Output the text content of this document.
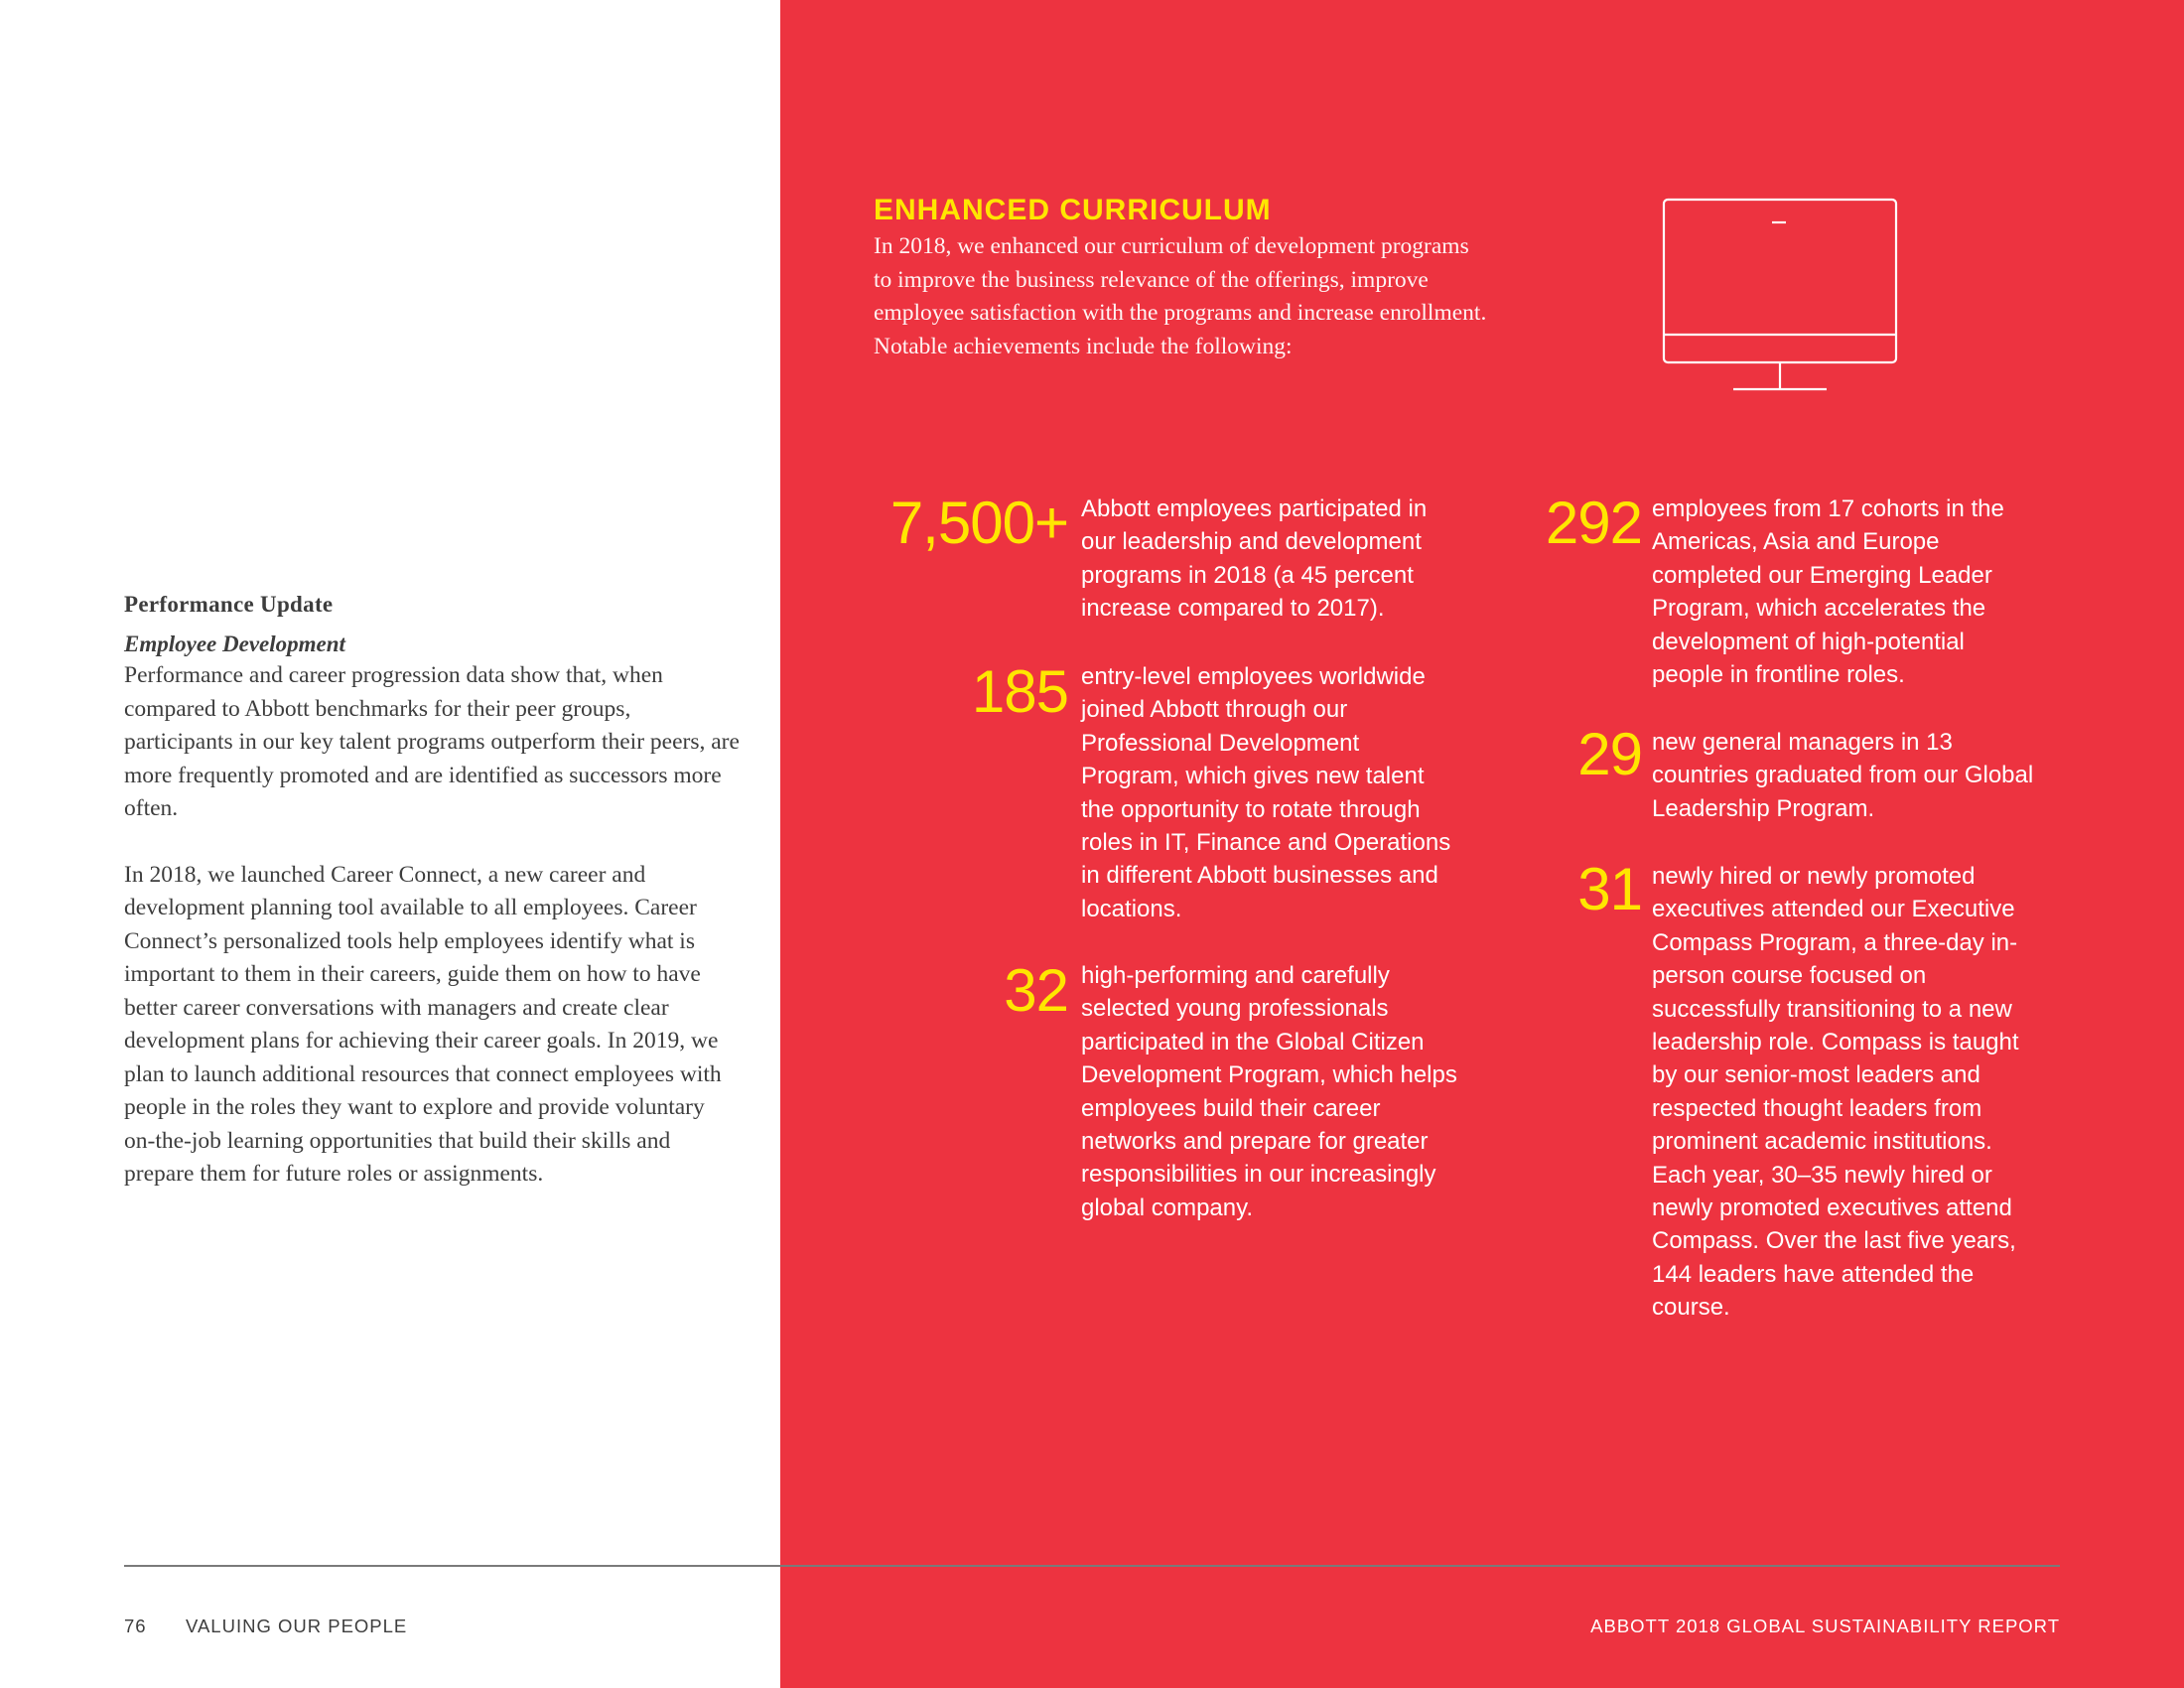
Performance Update
Employee Development

Performance and career progression data show that, when compared to Abbott benchmarks for their peer groups, participants in our key talent programs outperform their peers, are more frequently promoted and are identified as successors more often.

In 2018, we launched Career Connect, a new career and development planning tool available to all employees. Career Connect’s personalized tools help employees identify what is important to them in their careers, guide them on how to have better career conversations with managers and create clear development plans for achieving their career goals. In 2019, we plan to launch additional resources that connect employees with people in the roles they want to explore and provide voluntary on-the-job learning opportunities that build their skills and prepare them for future roles or assignments.

ENHANCED CURRICULUM
In 2018, we enhanced our curriculum of development programs to improve the business relevance of the offerings, improve employee satisfaction with the programs and increase enrollment. Notable achievements include the following:
7,500+ Abbott employees participated in our leadership and development programs in 2018 (a 45 percent increase compared to 2017).
185 entry-level employees worldwide joined Abbott through our Professional Development Program, which gives new talent the opportunity to rotate through roles in IT, Finance and Operations in different Abbott businesses and locations.
32 high-performing and carefully selected young professionals participated in the Global Citizen Development Program, which helps employees build their career networks and prepare for greater responsibilities in our increasingly global company.
292 employees from 17 cohorts in the Americas, Asia and Europe completed our Emerging Leader Program, which accelerates the development of high-potential people in frontline roles.
29 new general managers in 13 countries graduated from our Global Leadership Program.
31 newly hired or newly promoted executives attended our Executive Compass Program, a three-day in-person course focused on successfully transitioning to a new leadership role. Compass is taught by our senior-most leaders and respected thought leaders from prominent academic institutions. Each year, 30–35 newly hired or newly promoted executives attend Compass. Over the last five years, 144 leaders have attended the course.
76 VALUING OUR PEOPLE	ABBOTT 2018 GLOBAL SUSTAINABILITY REPORT
